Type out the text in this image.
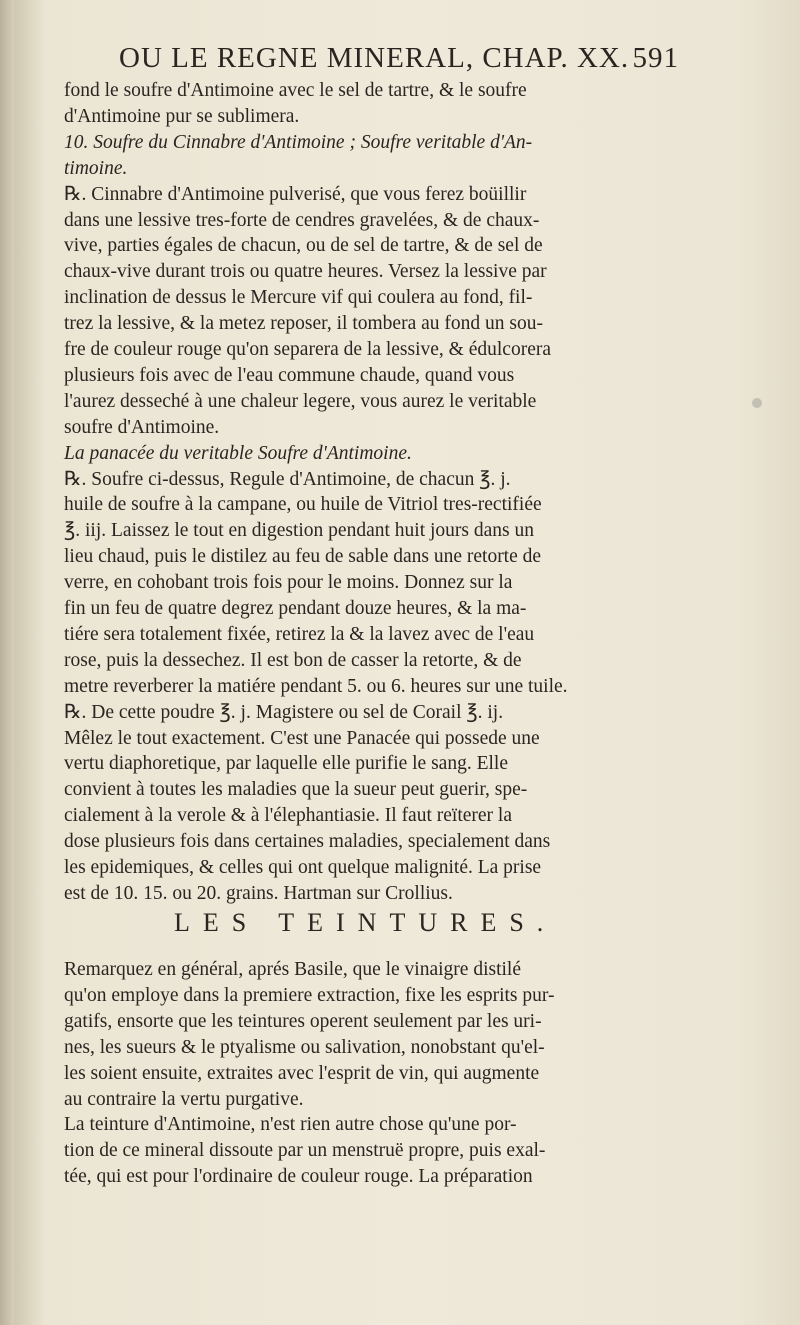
OU LE REGNE MINERAL, CHAP. XX. 591
fond le soufre d'Antimoine avec le sel de tartre, & le soufre
d'Antimoine pur se sublimera.
10. Soufre du Cinnabre d'Antimoine ; Soufre veritable d'An-
timoine.
℞. Cinnabre d'Antimoine pulverisé, que vous ferez boüillir
dans une lessive tres-forte de cendres gravelées, & de chaux-
vive, parties égales de chacun, ou de sel de tartre, & de sel de
chaux-vive durant trois ou quatre heures. Versez la lessive par
inclination de dessus le Mercure vif qui coulera au fond, fil-
trez la lessive, & la metez reposer, il tombera au fond un sou-
fre de couleur rouge qu'on separera de la lessive, & édulcorera
plusieurs fois avec de l'eau commune chaude, quand vous
l'aurez desseché à une chaleur legere, vous aurez le veritable
soufre d'Antimoine.
La panacée du veritable Soufre d'Antimoine.
℞. Soufre ci-dessus, Regule d'Antimoine, de chacun ℥. j.
huile de soufre à la campane, ou huile de Vitriol tres-rectifiée
℥. iij. Laissez le tout en digestion pendant huit jours dans un
lieu chaud, puis le distilez au feu de sable dans une retorte de
verre, en cohobant trois fois pour le moins. Donnez sur la
fin un feu de quatre degrez pendant douze heures, & la ma-
tiére sera totalement fixée, retirez la & la lavez avec de l'eau
rose, puis la dessechez. Il est bon de casser la retorte, & de
metre reverberer la matiére pendant 5. ou 6. heures sur une tuile.
℞. De cette poudre ℥. j. Magistere ou sel de Corail ℥. ij.
Mêlez le tout exactement. C'est une Panacée qui possede une
vertu diaphoretique, par laquelle elle purifie le sang. Elle
convient à toutes les maladies que la sueur peut guerir, spe-
cialement à la verole & à l'élephantiasie. Il faut reïterer la
dose plusieurs fois dans certaines maladies, specialement dans
les epidemiques, & celles qui ont quelque malignité. La prise
est de 10. 15. ou 20. grains. Hartman sur Crollius.
LES TEINTURES.
Remarquez en général, aprés Basile, que le vinaigre distilé
qu'on employe dans la premiere extraction, fixe les esprits pur-
gatifs, ensorte que les teintures operent seulement par les uri-
nes, les sueurs & le ptyalisme ou salivation, nonobstant qu'el-
les soient ensuite, extraites avec l'esprit de vin, qui augmente
au contraire la vertu purgative.
La teinture d'Antimoine, n'est rien autre chose qu'une por-
tion de ce mineral dissoute par un menstruë propre, puis exal-
tée, qui est pour l'ordinaire de couleur rouge. La préparation
